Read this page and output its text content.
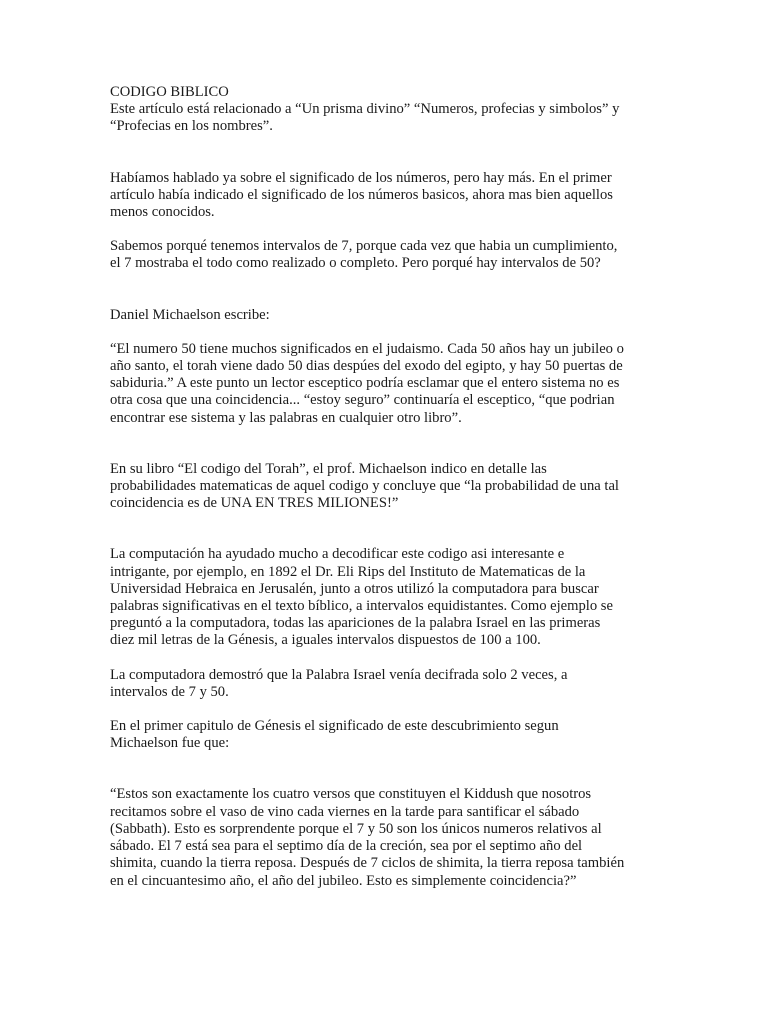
CODIGO BIBLICO

Este artículo está relacionado a “Un prisma divino” “Numeros, profecias y simbolos” y
“Profecias en los nombres”.

Habíamos hablado ya sobre el significado de los números, pero hay más. En el primer
artículo había indicado el significado de los números basicos, ahora mas bien aquellos
menos conocidos.

Sabemos porqué tenemos intervalos de 7, porque cada vez que habia un cumplimiento,
el 7 mostraba el todo como realizado o completo. Pero porqué hay intervalos de 50?

Daniel Michaelson escribe:

“El numero 50 tiene muchos significados en el judaismo. Cada 50 años hay un jubileo o
año santo, el torah viene dado 50 dias despúes del exodo del egipto, y hay 50 puertas de
sabiduria.” A este punto un lector esceptico podría esclamar que el entero sistema no es
otra cosa que una coincidencia... “estoy seguro” continuaría el esceptico, “que podrian
encontrar ese sistema y las palabras en cualquier otro libro”.

En su libro “El codigo del Torah”, el prof. Michaelson indico en detalle las
probabilidades matematicas de aquel codigo y concluye que “la probabilidad de una tal
coincidencia es de UNA EN TRES MILIONES!”

La computación ha ayudado mucho a decodificar este codigo asi interesante e
intrigante, por ejemplo, en 1892 el Dr. Eli Rips del Instituto de Matematicas de la
Universidad Hebraica en Jerusalén, junto a otros utilizó la computadora para buscar
palabras significativas en el texto bíblico, a intervalos equidistantes. Como ejemplo se
preguntó a la computadora, todas las apariciones de la palabra Israel en las primeras
diez mil letras de la Génesis, a iguales intervalos dispuestos de 100 a 100.

La computadora demostró que la Palabra Israel venía decifrada solo 2 veces, a
intervalos de 7 y 50.

En el primer capitulo de Génesis el significado de este descubrimiento segun
Michaelson fue que:

“Estos son exactamente los cuatro versos que constituyen el Kiddush que nosotros
recitamos sobre el vaso de vino cada viernes en la tarde para santificar el sábado
(Sabbath). Esto es sorprendente porque el 7 y 50 son los únicos numeros relativos al
sábado. El 7 está sea para el septimo día de la creción, sea por el septimo año del
shimita, cuando la tierra reposa. Después de 7 ciclos de shimita, la tierra reposa también
en el cincuantesimo año, el año del jubileo. Esto es simplemente coincidencia?”
